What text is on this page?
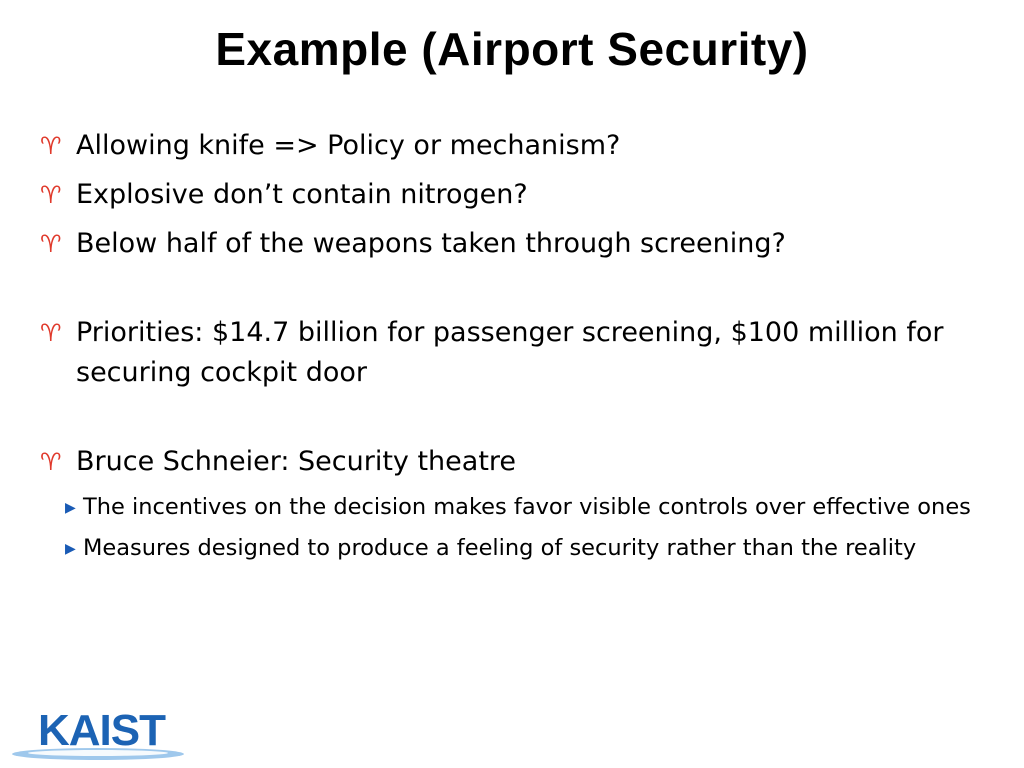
Example (Airport Security)
♈ Allowing knife => Policy or mechanism?
♈ Explosive don’t contain nitrogen?
♈ Below half of the weapons taken through screening?
♈ Priorities: $14.7 billion for passenger screening, $100 million for securing cockpit door
♈ Bruce Schneier: Security theatre
▶ The incentives on the decision makes favor visible controls over effective ones
▶ Measures designed to produce a feeling of security rather than the reality
KAIST
